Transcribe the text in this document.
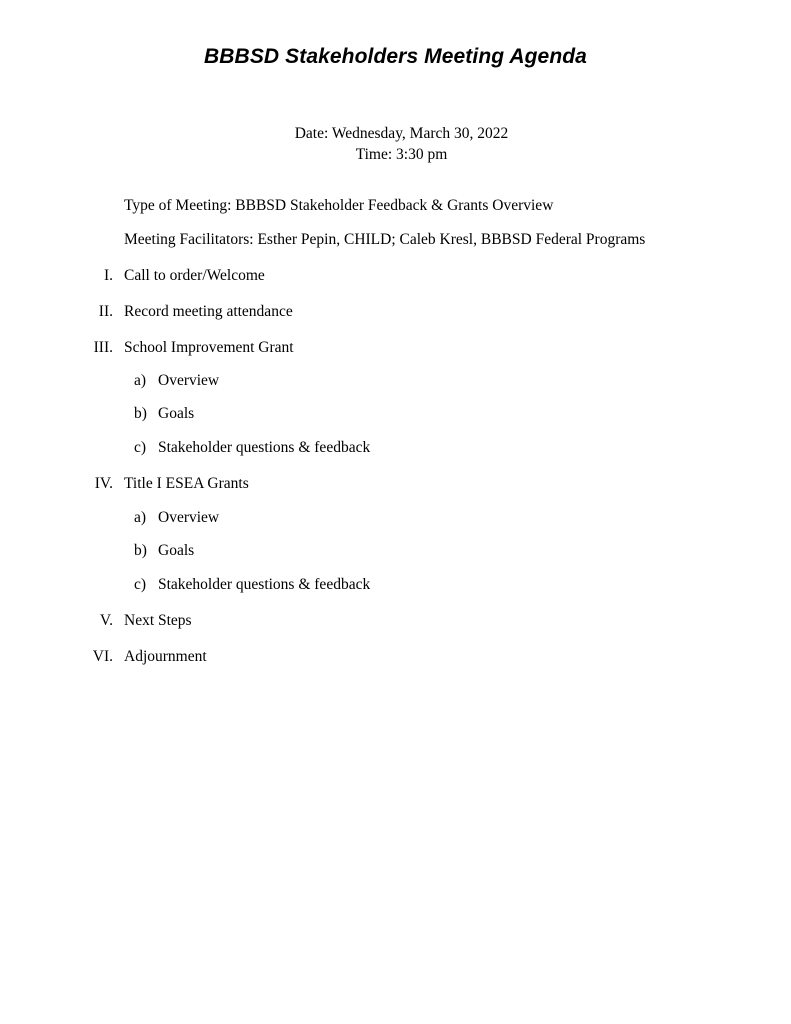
BBBSD Stakeholders Meeting Agenda
Date: Wednesday, March 30, 2022
Time: 3:30 pm
Type of Meeting: BBBSD Stakeholder Feedback & Grants Overview
Meeting Facilitators: Esther Pepin, CHILD; Caleb Kresl, BBBSD Federal Programs
I. Call to order/Welcome
II. Record meeting attendance
III. School Improvement Grant
a) Overview
b) Goals
c) Stakeholder questions & feedback
IV. Title I ESEA Grants
a) Overview
b) Goals
c) Stakeholder questions & feedback
V. Next Steps
VI. Adjournment
